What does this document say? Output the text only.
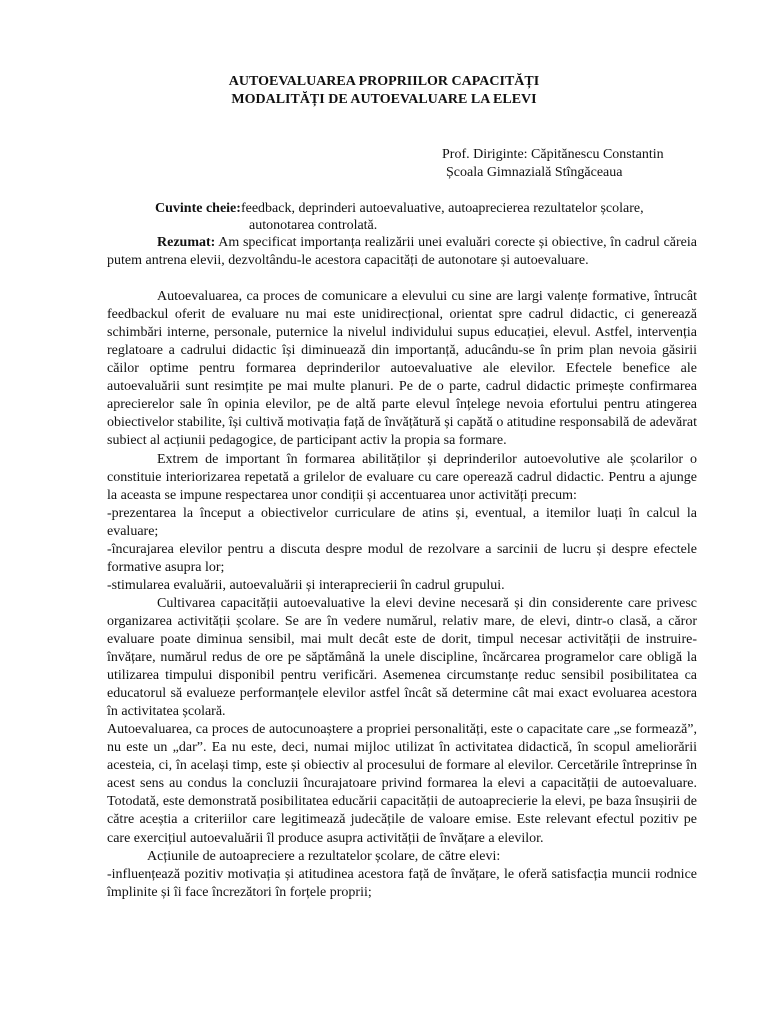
AUTOEVALUAREA PROPRIILOR CAPACITĂȚI
MODALITĂȚI DE AUTOEVALUARE LA ELEVI
Prof. Diriginte: Căpitănescu Constantin
Școala Gimnazială Stîngăceaua
Cuvinte cheie:feedback, deprinderi autoevaluative, autoaprecierea rezultatelor școlare,
autonotarea controlată.

Rezumat: Am specificat importanța realizării unei evaluări corecte și obiective, în cadrul căreia putem antrena elevii, dezvoltându-le acestora capacități de autonotare și autoevaluare.

Autoevaluarea, ca proces de comunicare a elevului cu sine are largi valențe formative, întrucât feedbackul oferit de evaluare nu mai este unidirecțional, orientat spre cadrul didactic, ci generează schimbări interne, personale, puternice la nivelul individului supus educației, elevul. Astfel, intervenția reglatoare a cadrului didactic își diminuează din importanță, aducându-se în prim plan nevoia găsirii căilor optime pentru formarea deprinderilor autoevaluative ale elevilor. Efectele benefice ale autoevaluării sunt resimțite pe mai multe planuri. Pe de o parte, cadrul didactic primește confirmarea aprecierelor sale în opinia elevilor, pe de altă parte elevul înțelege nevoia efortului pentru atingerea obiectivelor stabilite, își cultivă motivația față de învățătură și capătă o atitudine responsabilă de adevărat subiect al acțiunii pedagogice, de participant activ la propia sa formare.

Extrem de important în formarea abilităților și deprinderilor autoevolutive ale școlarilor o constituie interiorizarea repetată a grilelor de evaluare cu care operează cadrul didactic. Pentru a ajunge la aceasta se impune respectarea unor condiții și accentuarea unor activități precum:

-prezentarea la început a obiectivelor curriculare de atins și, eventual, a itemilor luați în calcul la evaluare;

-încurajarea elevilor pentru a discuta despre modul de rezolvare a sarcinii de lucru și despre efectele formative asupra lor;

-stimularea evaluării, autoevaluării și interaprecierii în cadrul grupului.

Cultivarea capacității autoevaluative la elevi devine necesară și din considerente care privesc organizarea activității școlare. Se are în vedere numărul, relativ mare, de elevi, dintr-o clasă, a căror evaluare poate diminua sensibil, mai mult decât este de dorit, timpul necesar activității de instruire-învățare, numărul redus de ore pe săptămână la unele discipline, încărcarea programelor care obligă la utilizarea timpului disponibil pentru verificări. Asemenea circumstanțe reduc sensibil posibilitatea ca educatorul să evalueze performanțele elevilor astfel încât să determine cât mai exact evoluarea acestora în activitatea școlară.

Autoevaluarea, ca proces de autocunoaștere a propriei personalități, este o capacitate care „se formează”, nu este un „dar”. Ea nu este, deci, numai mijloc utilizat în activitatea didactică, în scopul ameliorării acesteia, ci, în același timp, este și obiectiv al procesului de formare al elevilor. Cercetările întreprinse în acest sens au condus la concluzii încurajatoare privind formarea la elevi a capacității de autoevaluare. Totodată, este demonstrată posibilitatea educării capacității de autoaprecierie la elevi, pe baza însușirii de către aceștia a criteriilor care legitimează judecățile de valoare emise. Este relevant efectul pozitiv pe care exercițiul autoevaluării îl produce asupra activității de învățare a elevilor.

Acțiunile de autoapreciere a rezultatelor școlare, de către elevi:

-influențează pozitiv motivația și atitudinea acestora față de învățare, le oferă satisfacția muncii rodnice împlinite și îi face încrezători în forțele proprii;
